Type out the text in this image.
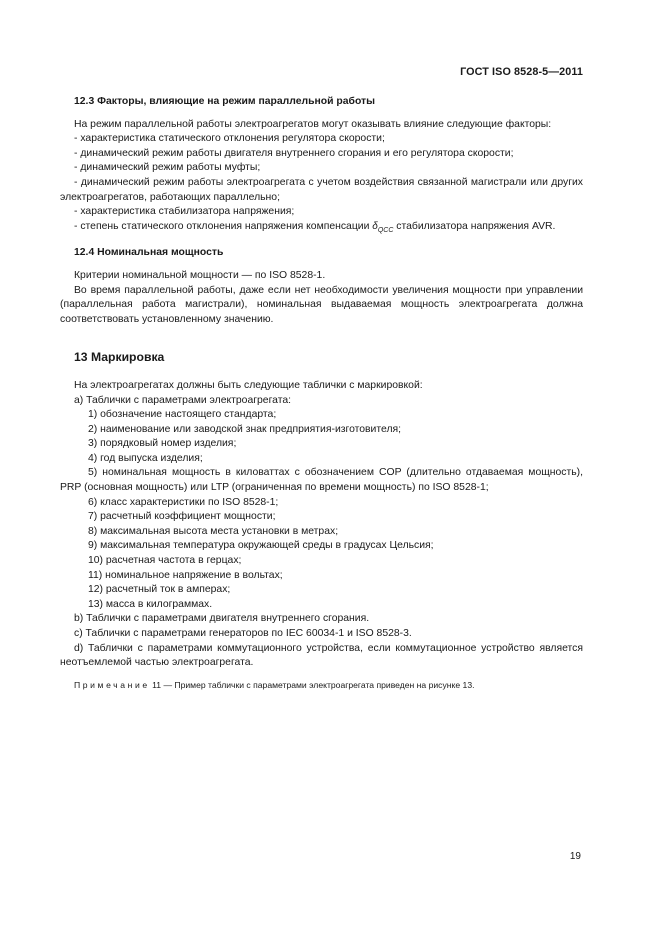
ГОСТ ISO 8528-5—2011

12.3 Факторы, влияющие на режим параллельной работы

На режим параллельной работы электроагрегатов могут оказывать влияние следующие факторы:

- характеристика статического отклонения регулятора скорости;

- динамический режим работы двигателя внутреннего сгорания и его регулятора скорости;

- динамический режим работы муфты;

- динамический режим работы электроагрегата с учетом воздействия связанной магистрали или других электроагрегатов, работающих параллельно;

- характеристика стабилизатора напряжения;

- степень статического отклонения напряжения компенсации $\delta_{QCC}$ стабилизатора напряжения AVR.

12.4 Номинальная мощность

Критерии номинальной мощности — по ISO 8528-1.

Во время параллельной работы, даже если нет необходимости увеличения мощности при управлении (параллельная работа магистрали), номинальная выдаваемая мощность электроагрегата должна соответствовать установленному значению.

13 Маркировка

На электроагрегатах должны быть следующие таблички с маркировкой:

а) Таблички с параметрами электроагрегата:

1) обозначение настоящего стандарта;

2) наименование или заводской знак предприятия-изготовителя;

3) порядковый номер изделия;

4) год выпуска изделия;

5) номинальная мощность в киловаттах с обозначением COP (длительно отдаваемая мощность), PRP (основная мощность) или LTP (ограниченная по времени мощность) по ISO 8528-1;

6) класс характеристики по ISO 8528-1;

7) расчетный коэффициент мощности;

8) максимальная высота места установки в метрах;

9) максимальная температура окружающей среды в градусах Цельсия;

10) расчетная частота в герцах;

11) номинальное напряжение в вольтах;

12) расчетный ток в амперах;

13) масса в килограммах.

b) Таблички с параметрами двигателя внутреннего сгорания.

c) Таблички с параметрами генераторов по IEC 60034-1 и ISO 8528-3.

d) Таблички с параметрами коммутационного устройства, если коммутационное устройство является неотъемлемой частью электроагрегата.

Примечание 11 — Пример таблички с параметрами электроагрегата приведен на рисунке 13.

19
